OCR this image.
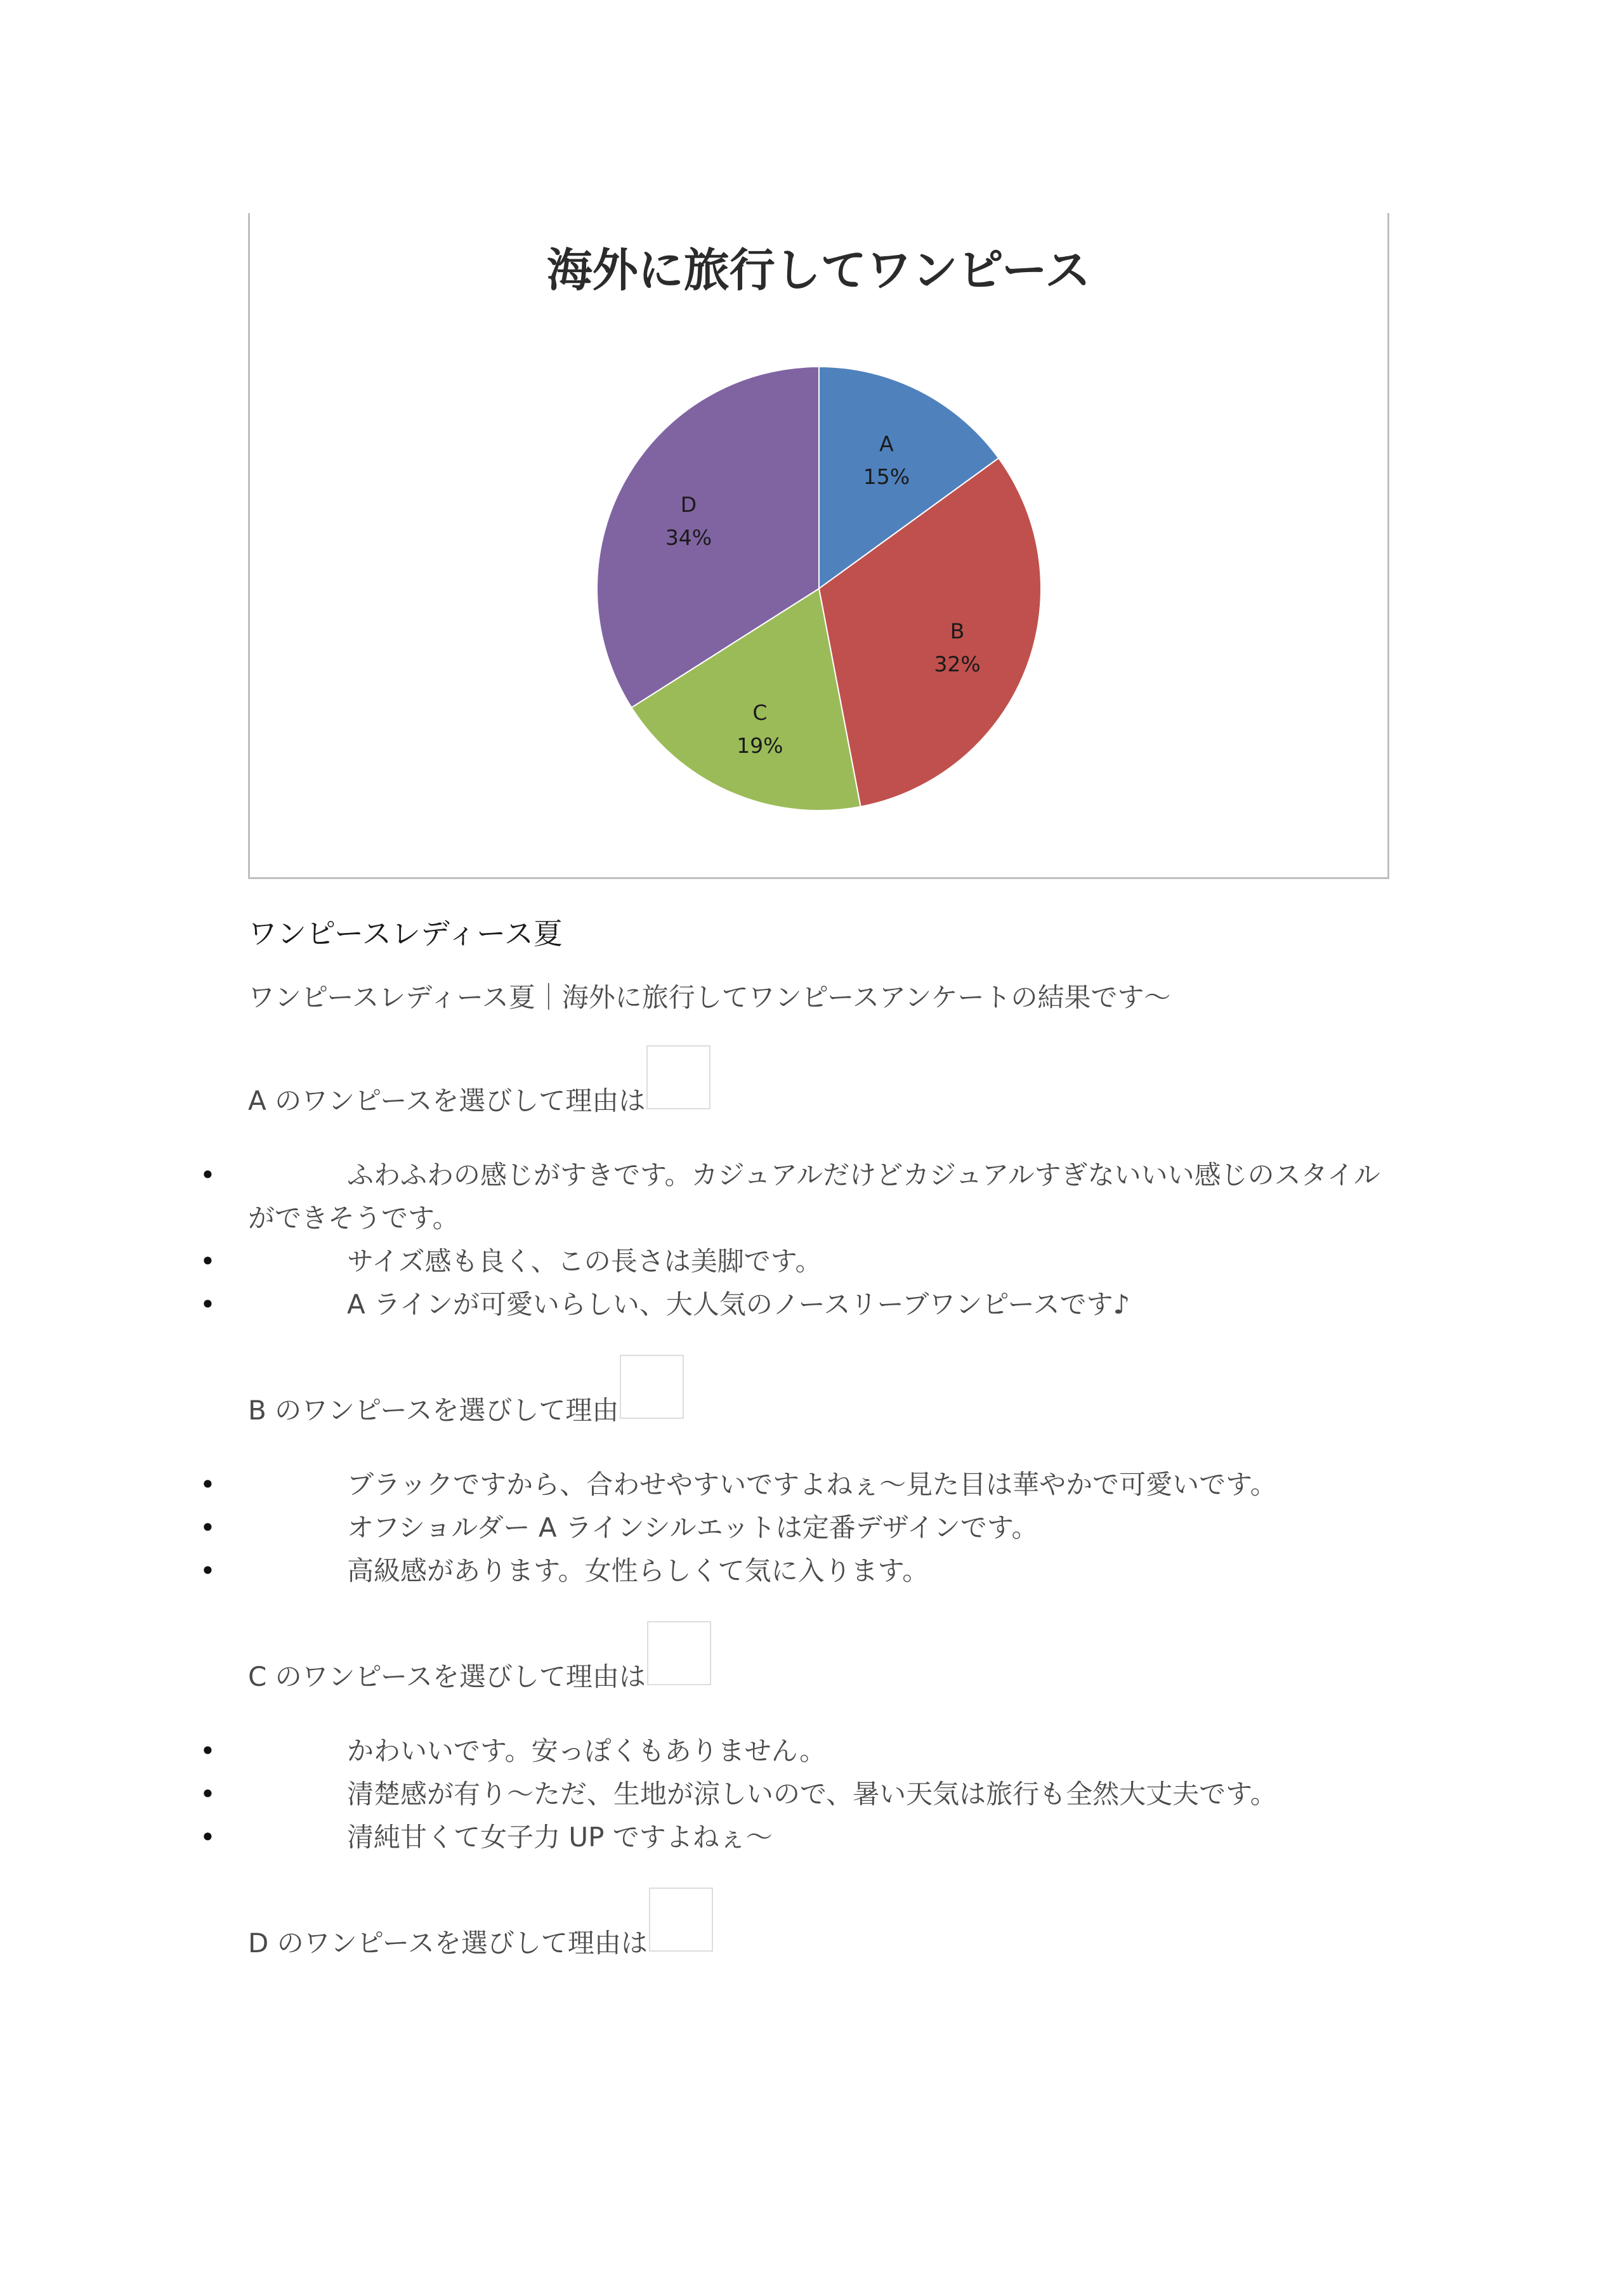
海外に旅行してワンピース
A
15%
B
32%
C
19%
D
34%
ワンピースレディース夏
ワンピースレディース夏｜海外に旅行してワンピースアンケートの結果です〜
A のワンピースを選びして理由は
•	ふわふわの感じがすきです。カジュアルだけどカジュアルすぎないいい感じのスタイルができそうです。
•	サイズ感も良く、この長さは美脚です。
•	A ラインが可愛いらしい、大人気のノースリーブワンピースです♪
B のワンピースを選びして理由
•	ブラックですから、合わせやすいですよねぇ〜見た目は華やかで可愛いです。
•	オフショルダー A ラインシルエットは定番デザインです。
•	高級感があります。女性らしくて気に入ります。
C のワンピースを選びして理由は
•	かわいいです。安っぽくもありません。
•	清楚感が有り〜ただ、生地が涼しいので、暑い天気は旅行も全然大丈夫です。
•	清純甘くて女子力 UP ですよねぇ〜
D のワンピースを選びして理由は
